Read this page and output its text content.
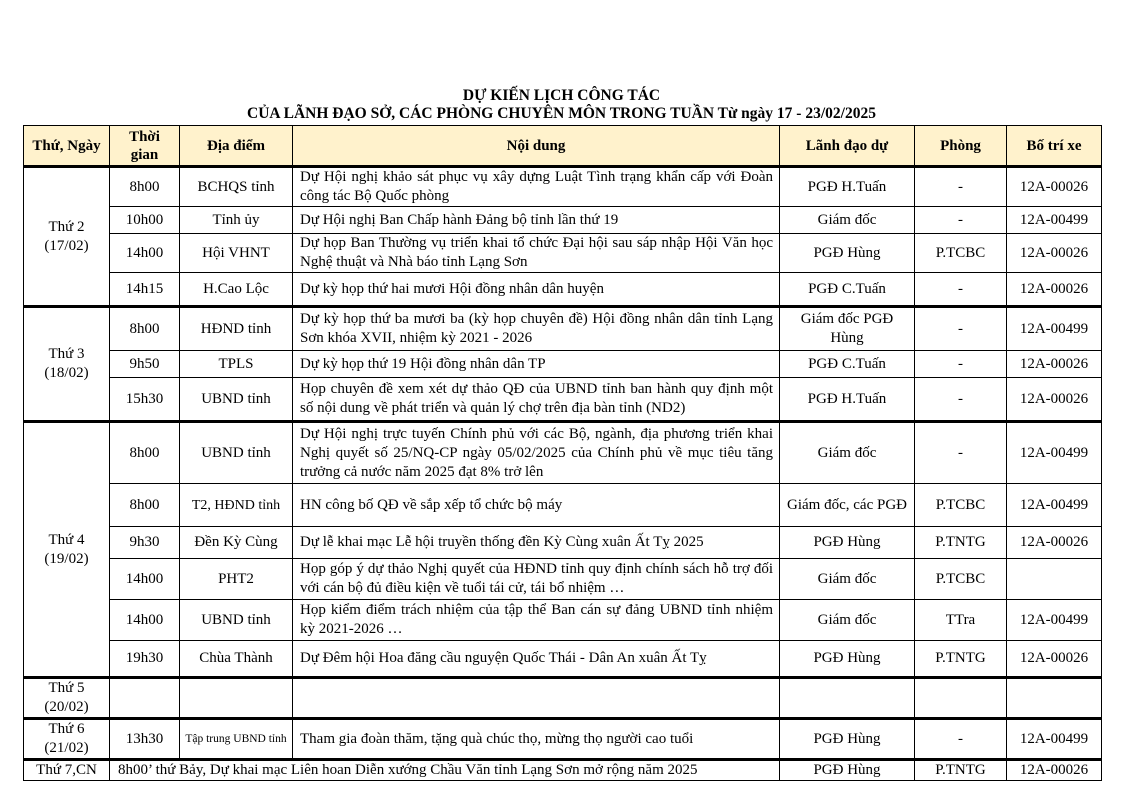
DỰ KIẾN LỊCH CÔNG TÁC
CỦA LÃNH ĐẠO SỞ, CÁC PHÒNG CHUYÊN MÔN TRONG TUẦN Từ ngày 17 - 23/02/2025
Thứ, Ngày	Thời gian	Địa điểm	Nội dung	Lãnh đạo dự	Phòng	Bố trí xe
Thứ 2 (17/02)	8h00	BCHQS tỉnh	Dự Hội nghị khảo sát phục vụ xây dựng Luật Tình trạng khẩn cấp với Đoàn công tác Bộ Quốc phòng	PGĐ H.Tuấn	-	12A-00026
	10h00	Tỉnh ủy	Dự Hội nghị Ban Chấp hành Đảng bộ tỉnh lần thứ 19	Giám đốc	-	12A-00499
	14h00	Hội VHNT	Dự họp Ban Thường vụ triển khai tổ chức Đại hội sau sáp nhập Hội Văn học Nghệ thuật và Nhà báo tỉnh Lạng Sơn	PGĐ Hùng	P.TCBC	12A-00026
	14h15	H.Cao Lộc	Dự kỳ họp thứ hai mươi Hội đồng nhân dân huyện	PGĐ C.Tuấn	-	12A-00026
Thứ 3 (18/02)	8h00	HĐND tỉnh	Dự kỳ họp thứ ba mươi ba (kỳ họp chuyên đề) Hội đồng nhân dân tỉnh Lạng Sơn khóa XVII, nhiệm kỳ 2021 - 2026	Giám đốc PGĐ Hùng	-	12A-00499
	9h50	TPLS	Dự kỳ họp thứ 19 Hội đồng nhân dân TP	PGĐ C.Tuấn	-	12A-00026
	15h30	UBND tỉnh	Họp chuyên đề xem xét dự thảo QĐ của UBND tỉnh ban hành quy định một số nội dung về phát triển và quản lý chợ trên địa bàn tỉnh (ND2)	PGĐ H.Tuấn	-	12A-00026
Thứ 4 (19/02)	8h00	UBND tỉnh	Dự Hội nghị trực tuyến Chính phủ với các Bộ, ngành, địa phương triển khai Nghị quyết số 25/NQ-CP ngày 05/02/2025 của Chính phủ về mục tiêu tăng trưởng cả nước năm 2025 đạt 8% trở lên	Giám đốc	-	12A-00499
	8h00	T2, HĐND tỉnh	HN công bố QĐ về sắp xếp tổ chức bộ máy	Giám đốc, các PGĐ	P.TCBC	12A-00499
	9h30	Đền Kỳ Cùng	Dự lễ khai mạc Lễ hội truyền thống đền Kỳ Cùng xuân Ất Tỵ 2025	PGĐ Hùng	P.TNTG	12A-00026
	14h00	PHT2	Họp góp ý dự thảo Nghị quyết của HĐND tỉnh quy định chính sách hỗ trợ đối với cán bộ đủ điều kiện về tuổi tái cử, tái bổ nhiệm …	Giám đốc	P.TCBC	
	14h00	UBND tỉnh	Họp kiểm điểm trách nhiệm của tập thể Ban cán sự đảng UBND tỉnh nhiệm kỳ 2021-2026 …	Giám đốc	TTra	12A-00499
	19h30	Chùa Thành	Dự Đêm hội Hoa đăng cầu nguyện Quốc Thái - Dân An xuân Ất Tỵ	PGĐ Hùng	P.TNTG	12A-00026
Thứ 5 (20/02)						
Thứ 6 (21/02)	13h30	Tập trung UBND tỉnh	Tham gia đoàn thăm, tặng quà chúc thọ, mừng thọ người cao tuổi	PGĐ Hùng	-	12A-00499
Thứ 7,CN	8h00’ thứ Bảy, Dự khai mạc Liên hoan Diễn xướng Chầu Văn tỉnh Lạng Sơn mở rộng năm 2025			PGĐ Hùng	P.TNTG	12A-00026
